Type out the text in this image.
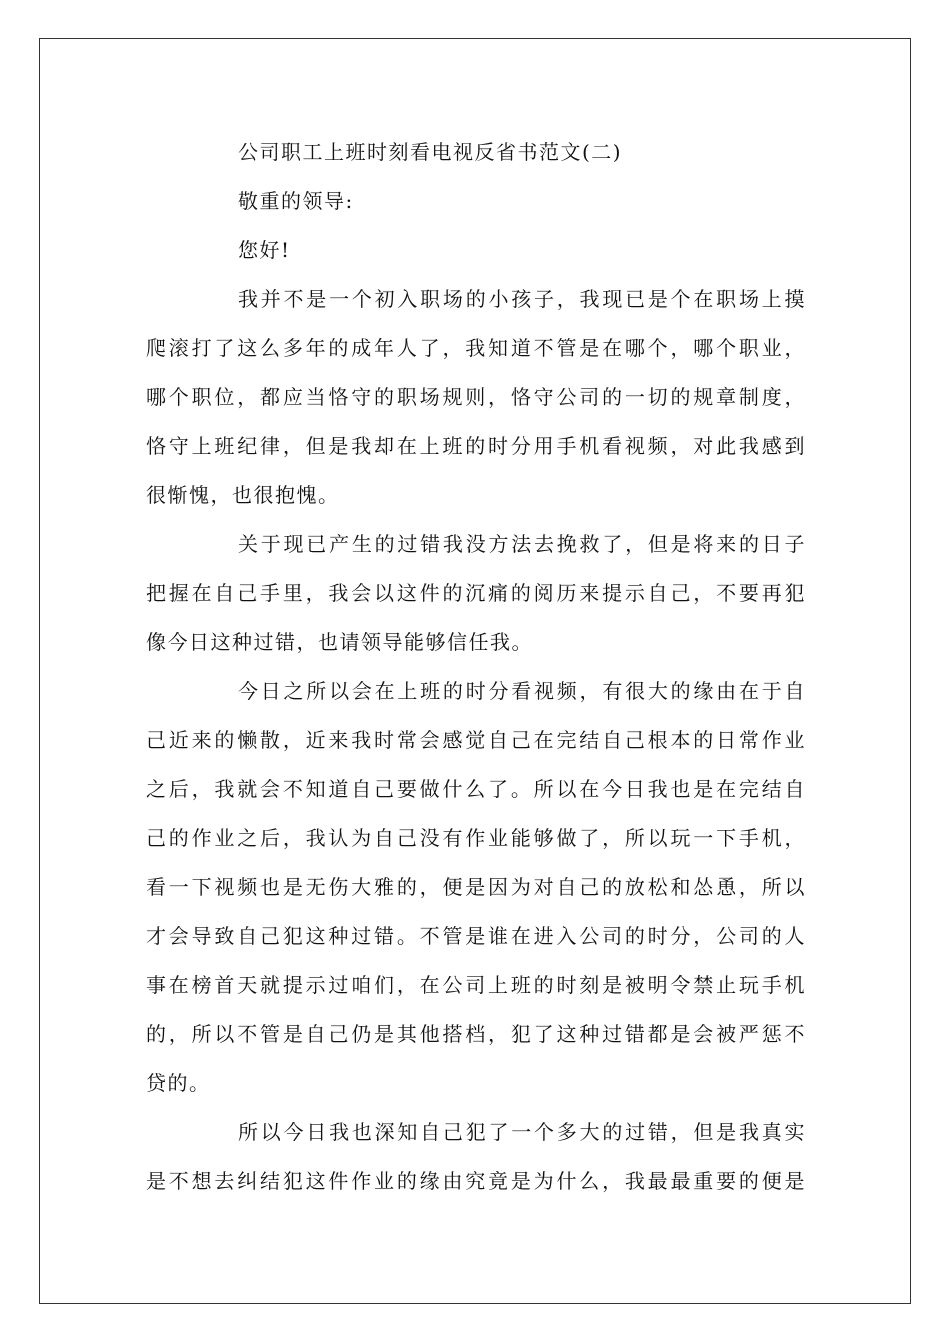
公司职工上班时刻看电视反省书范文(二)
敬重的领导:
您好!
我并不是一个初入职场的小孩子，我现已是个在职场上摸
爬滚打了这么多年的成年人了，我知道不管是在哪个，哪个职业，
哪个职位，都应当恪守的职场规则，恪守公司的一切的规章制度，
恪守上班纪律，但是我却在上班的时分用手机看视频，对此我感到
很惭愧，也很抱愧。
关于现已产生的过错我没方法去挽救了，但是将来的日子
把握在自己手里，我会以这件的沉痛的阅历来提示自己，不要再犯
像今日这种过错，也请领导能够信任我。
今日之所以会在上班的时分看视频，有很大的缘由在于自
己近来的懒散，近来我时常会感觉自己在完结自己根本的日常作业
之后，我就会不知道自己要做什么了。所以在今日我也是在完结自
己的作业之后，我认为自己没有作业能够做了，所以玩一下手机，
看一下视频也是无伤大雅的，便是因为对自己的放松和怂恿，所以
才会导致自己犯这种过错。不管是谁在进入公司的时分，公司的人
事在榜首天就提示过咱们，在公司上班的时刻是被明令禁止玩手机
的，所以不管是自己仍是其他搭档，犯了这种过错都是会被严惩不
贷的。
所以今日我也深知自己犯了一个多大的过错，但是我真实
是不想去纠结犯这件作业的缘由究竟是为什么，我最最重要的便是
